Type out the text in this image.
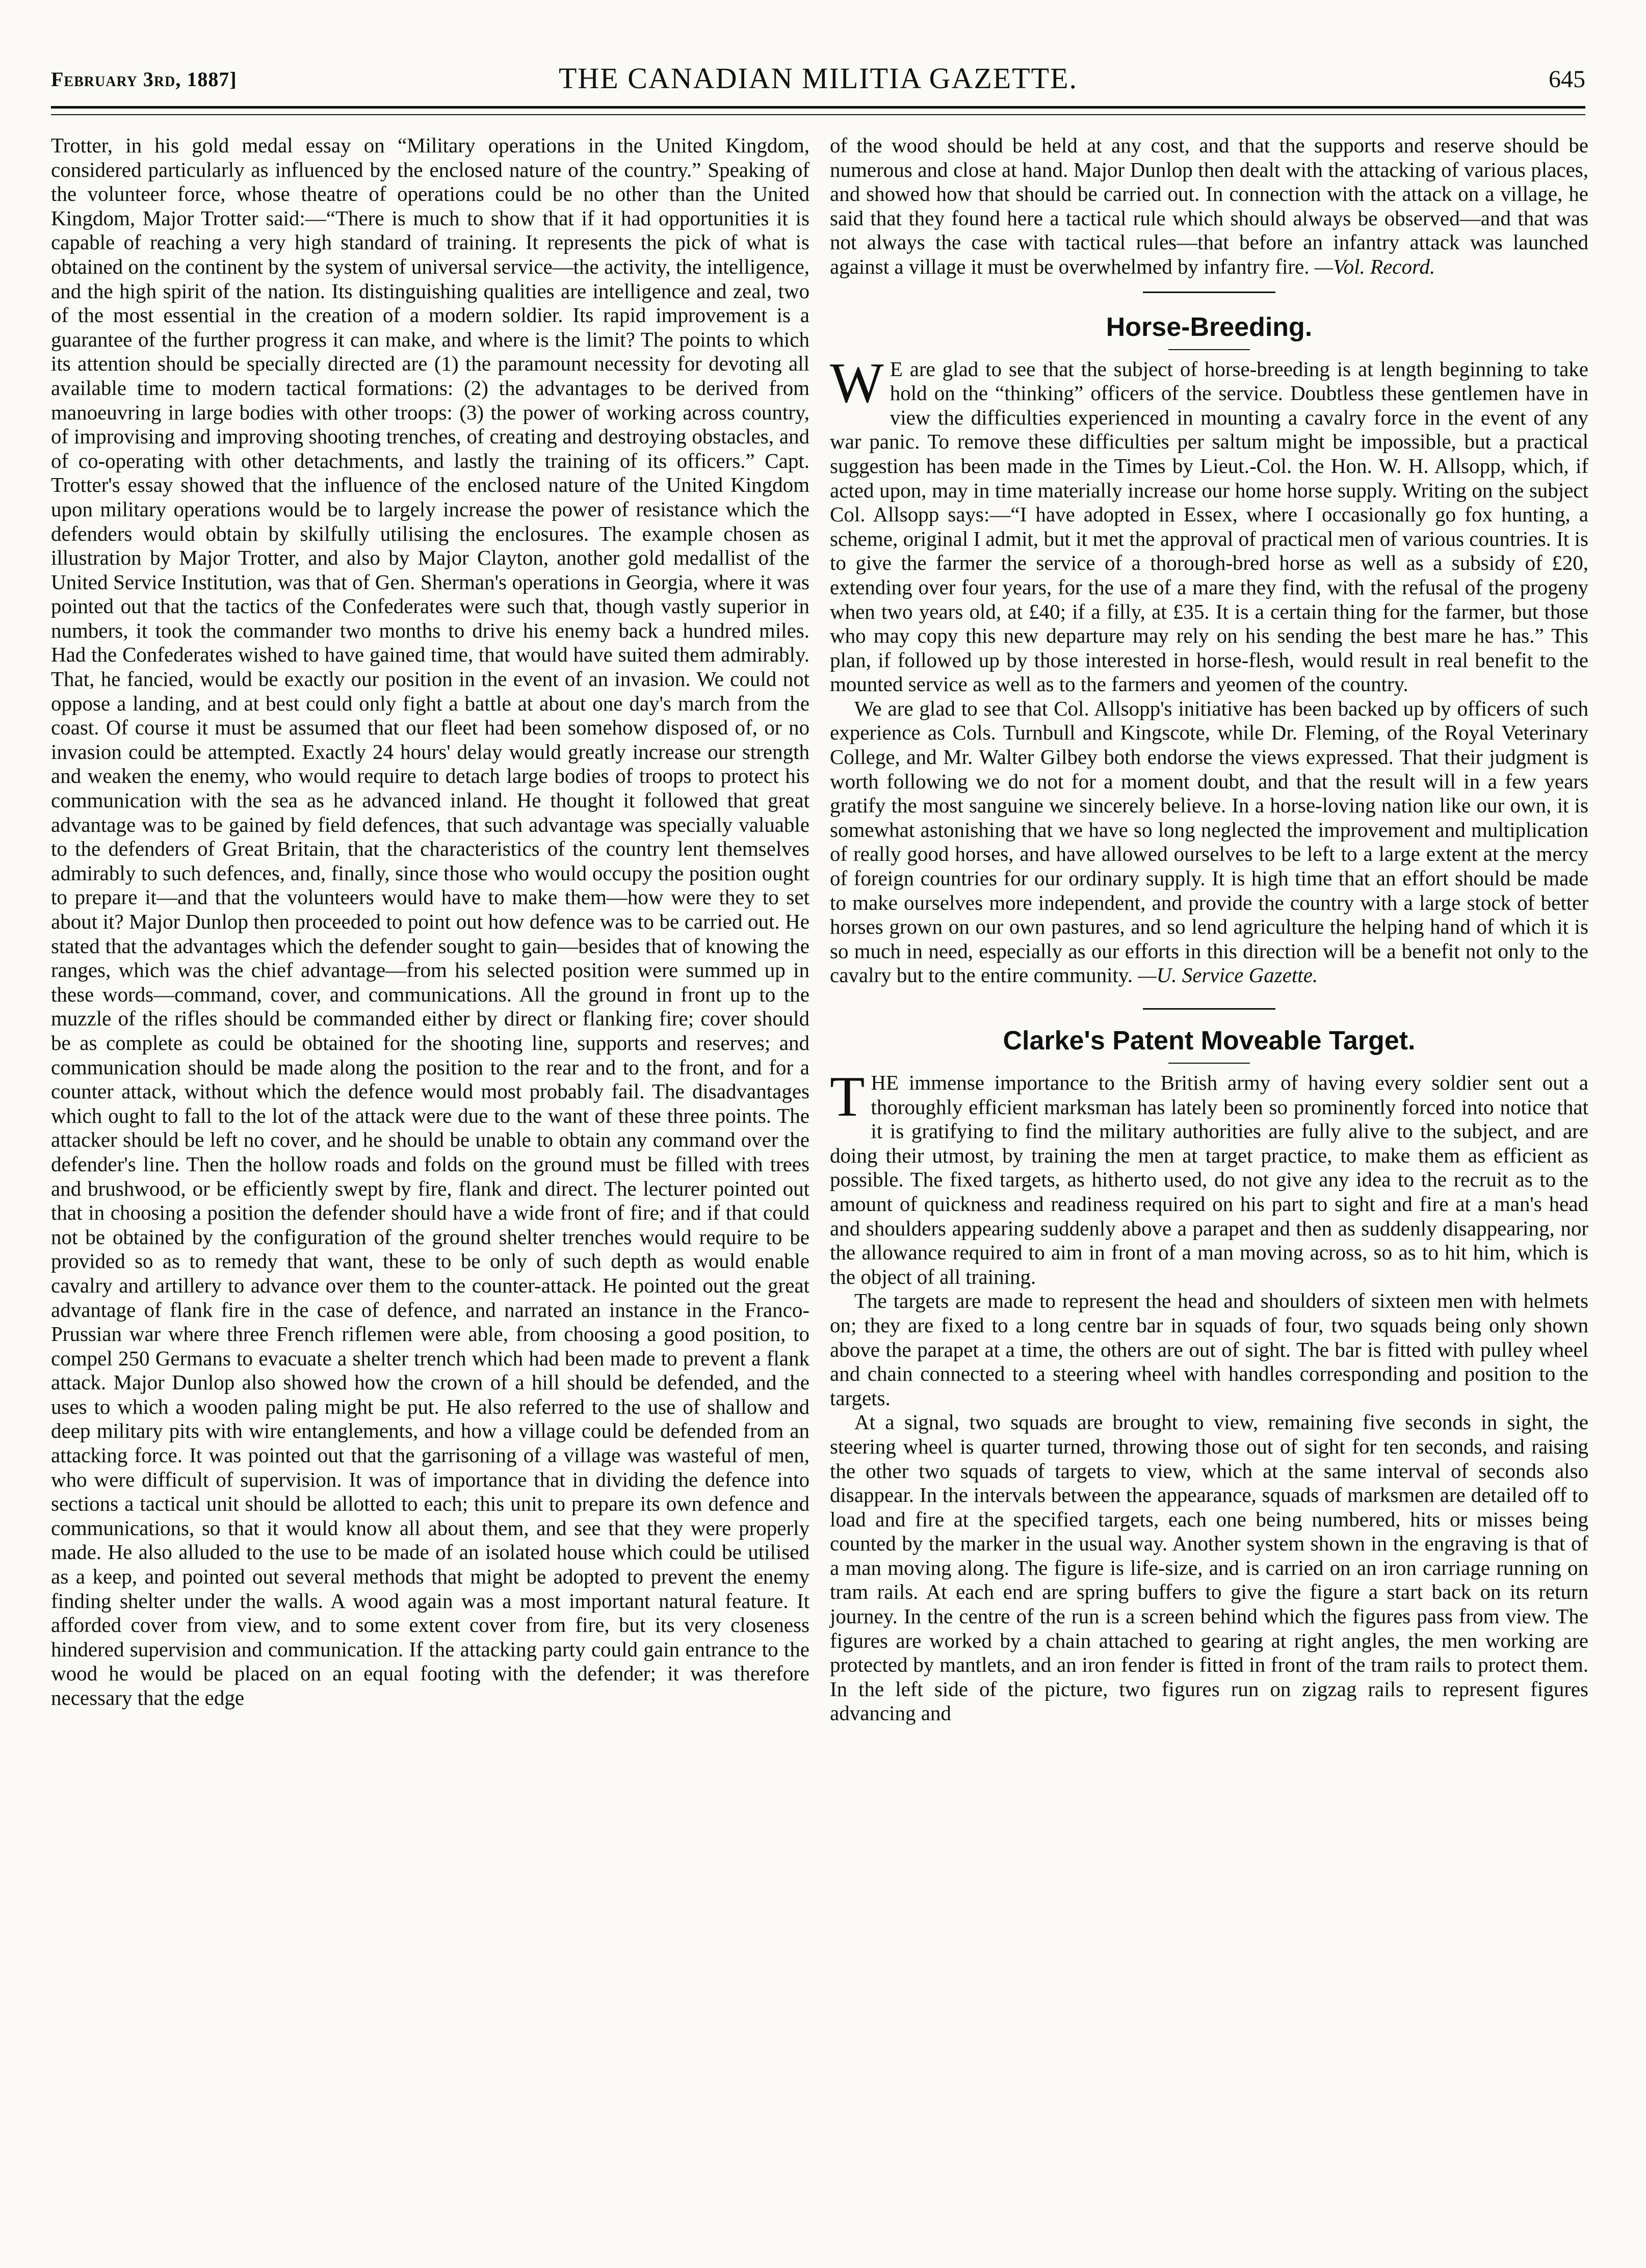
February 3rd, 1887]	THE CANADIAN MILITIA GAZETTE.	645

Trotter, in his gold medal essay on “Military operations in the United Kingdom, considered particularly as influenced by the enclosed nature of the country.” Speaking of the volunteer force, whose theatre of operations could be no other than the United Kingdom, Major Trotter said:—“There is much to show that if it had opportunities it is capable of reaching a very high standard of training. It represents the pick of what is obtained on the continent by the system of universal service—the activity, the intelligence, and the high spirit of the nation. Its distinguishing qualities are intelligence and zeal, two of the most essential in the creation of a modern soldier. Its rapid improvement is a guarantee of the further progress it can make, and where is the limit? The points to which its attention should be specially directed are (1) the paramount necessity for devoting all available time to modern tactical formations: (2) the advantages to be derived from manoeuvring in large bodies with other troops: (3) the power of working across country, of improvising and improving shooting trenches, of creating and destroying obstacles, and of co-operating with other detachments, and lastly the training of its officers.” Capt. Trotter's essay showed that the influence of the enclosed nature of the United Kingdom upon military operations would be to largely increase the power of resistance which the defenders would obtain by skilfully utilising the enclosures. The example chosen as illustration by Major Trotter, and also by Major Clayton, another gold medallist of the United Service Institution, was that of Gen. Sherman's operations in Georgia, where it was pointed out that the tactics of the Confederates were such that, though vastly superior in numbers, it took the commander two months to drive his enemy back a hundred miles. Had the Confederates wished to have gained time, that would have suited them admirably. That, he fancied, would be exactly our position in the event of an invasion. We could not oppose a landing, and at best could only fight a battle at about one day's march from the coast. Of course it must be assumed that our fleet had been somehow disposed of, or no invasion could be attempted. Exactly 24 hours' delay would greatly increase our strength and weaken the enemy, who would require to detach large bodies of troops to protect his communication with the sea as he advanced inland. He thought it followed that great advantage was to be gained by field defences, that such advantage was specially valuable to the defenders of Great Britain, that the characteristics of the country lent themselves admirably to such defences, and, finally, since those who would occupy the position ought to prepare it—and that the volunteers would have to make them—how were they to set about it? Major Dunlop then proceeded to point out how defence was to be carried out. He stated that the advantages which the defender sought to gain—besides that of knowing the ranges, which was the chief advantage—from his selected position were summed up in these words—command, cover, and communications. All the ground in front up to the muzzle of the rifles should be commanded either by direct or flanking fire; cover should be as complete as could be obtained for the shooting line, supports and reserves; and communication should be made along the position to the rear and to the front, and for a counter attack, without which the defence would most probably fail. The disadvantages which ought to fall to the lot of the attack were due to the want of these three points. The attacker should be left no cover, and he should be unable to obtain any command over the defender's line. Then the hollow roads and folds on the ground must be filled with trees and brushwood, or be efficiently swept by fire, flank and direct. The lecturer pointed out that in choosing a position the defender should have a wide front of fire; and if that could not be obtained by the configuration of the ground shelter trenches would require to be provided so as to remedy that want, these to be only of such depth as would enable cavalry and artillery to advance over them to the counter-attack. He pointed out the great advantage of flank fire in the case of defence, and narrated an instance in the Franco-Prussian war where three French riflemen were able, from choosing a good position, to compel 250 Germans to evacuate a shelter trench which had been made to prevent a flank attack. Major Dunlop also showed how the crown of a hill should be defended, and the uses to which a wooden paling might be put. He also referred to the use of shallow and deep military pits with wire entanglements, and how a village could be defended from an attacking force. It was pointed out that the garrisoning of a village was wasteful of men, who were difficult of supervision. It was of importance that in dividing the defence into sections a tactical unit should be allotted to each; this unit to prepare its own defence and communications, so that it would know all about them, and see that they were properly made. He also alluded to the use to be made of an isolated house which could be utilised as a keep, and pointed out several methods that might be adopted to prevent the enemy finding shelter under the walls. A wood again was a most important natural feature. It afforded cover from view, and to some extent cover from fire, but its very closeness hindered supervision and communication. If the attacking party could gain entrance to the wood he would be placed on an equal footing with the defender; it was therefore necessary that the edge

of the wood should be held at any cost, and that the supports and reserve should be numerous and close at hand. Major Dunlop then dealt with the attacking of various places, and showed how that should be carried out. In connection with the attack on a village, he said that they found here a tactical rule which should always be observed—and that was not always the case with tactical rules—that before an infantry attack was launched against a village it must be overwhelmed by infantry fire. —Vol. Record.

Horse-Breeding.

W E are glad to see that the subject of horse-breeding is at length beginning to take hold on the “thinking” officers of the service. Doubtless these gentlemen have in view the difficulties experienced in mounting a cavalry force in the event of any war panic. To remove these difficulties per saltum might be impossible, but a practical suggestion has been made in the Times by Lieut.-Col. the Hon. W. H. Allsopp, which, if acted upon, may in time materially increase our home horse supply. Writing on the subject Col. Allsopp says:—“I have adopted in Essex, where I occasionally go fox hunting, a scheme, original I admit, but it met the approval of practical men of various countries. It is to give the farmer the service of a thorough-bred horse as well as a subsidy of £20, extending over four years, for the use of a mare they find, with the refusal of the progeny when two years old, at £40; if a filly, at £35. It is a certain thing for the farmer, but those who may copy this new departure may rely on his sending the best mare he has.” This plan, if followed up by those interested in horse-flesh, would result in real benefit to the mounted service as well as to the farmers and yeomen of the country.

We are glad to see that Col. Allsopp's initiative has been backed up by officers of such experience as Cols. Turnbull and Kingscote, while Dr. Fleming, of the Royal Veterinary College, and Mr. Walter Gilbey both endorse the views expressed. That their judgment is worth following we do not for a moment doubt, and that the result will in a few years gratify the most sanguine we sincerely believe. In a horse-loving nation like our own, it is somewhat astonishing that we have so long neglected the improvement and multiplication of really good horses, and have allowed ourselves to be left to a large extent at the mercy of foreign countries for our ordinary supply. It is high time that an effort should be made to make ourselves more independent, and provide the country with a large stock of better horses grown on our own pastures, and so lend agriculture the helping hand of which it is so much in need, especially as our efforts in this direction will be a benefit not only to the cavalry but to the entire community. —U. Service Gazette.

Clarke's Patent Moveable Target.

THE immense importance to the British army of having every soldier sent out a thoroughly efficient marksman has lately been so prominently forced into notice that it is gratifying to find the military authorities are fully alive to the subject, and are doing their utmost, by training the men at target practice, to make them as efficient as possible. The fixed targets, as hitherto used, do not give any idea to the recruit as to the amount of quickness and readiness required on his part to sight and fire at a man's head and shoulders appearing suddenly above a parapet and then as suddenly disappearing, nor the allowance required to aim in front of a man moving across, so as to hit him, which is the object of all training.

The targets are made to represent the head and shoulders of sixteen men with helmets on; they are fixed to a long centre bar in squads of four, two squads being only shown above the parapet at a time, the others are out of sight. The bar is fitted with pulley wheel and chain connected to a steering wheel with handles corresponding and position to the targets.

At a signal, two squads are brought to view, remaining five seconds in sight, the steering wheel is quarter turned, throwing those out of sight for ten seconds, and raising the other two squads of targets to view, which at the same interval of seconds also disappear. In the intervals between the appearance, squads of marksmen are detailed off to load and fire at the specified targets, each one being numbered, hits or misses being counted by the marker in the usual way. Another system shown in the engraving is that of a man moving along. The figure is life-size, and is carried on an iron carriage running on tram rails. At each end are spring buffers to give the figure a start back on its return journey. In the centre of the run is a screen behind which the figures pass from view. The figures are worked by a chain attached to gearing at right angles, the men working are protected by mantlets, and an iron fender is fitted in front of the tram rails to protect them. In the left side of the picture, two figures run on zigzag rails to represent figures advancing and
